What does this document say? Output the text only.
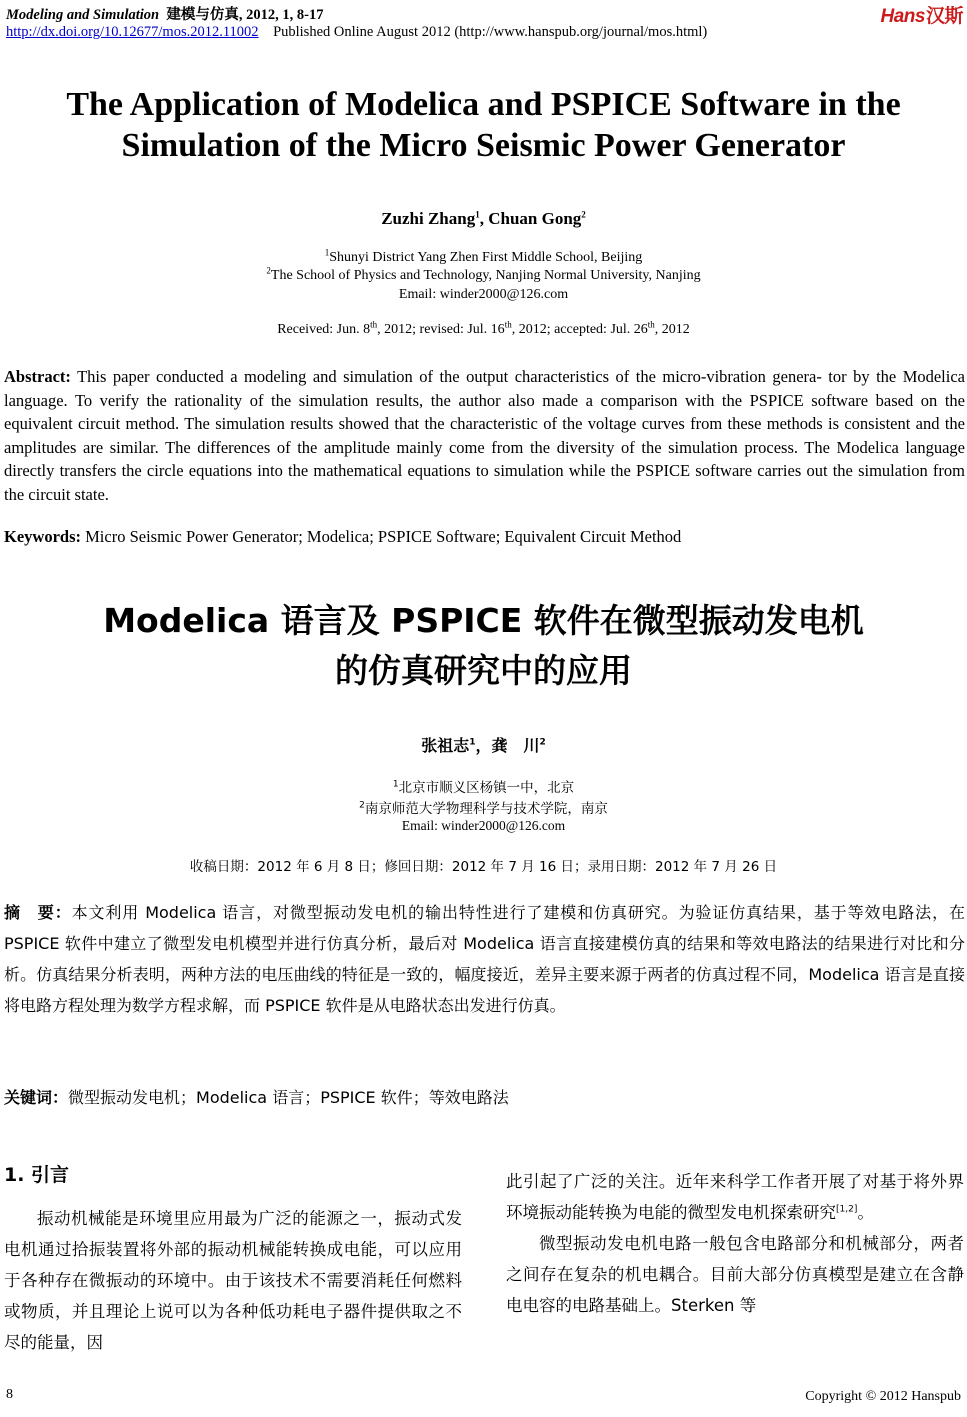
Modeling and Simulation 建模与仿真, 2012, 1, 8-17
http://dx.doi.org/10.12677/mos.2012.11002 Published Online August 2012 (http://www.hanspub.org/journal/mos.html)
Hans汉斯
The Application of Modelica and PSPICE Software in the
Simulation of the Micro Seismic Power Generator
Zuzhi Zhang$^1$, Chuan Gong$^2$
$^1$Shunyi District Yang Zhen First Middle School, Beijing
$^2$The School of Physics and Technology, Nanjing Normal University, Nanjing
Email: winder2000@126.com
Received: Jun. 8th, 2012; revised: Jul. 16th, 2012; accepted: Jul. 26th, 2012
Abstract: This paper conducted a modeling and simulation of the output characteristics of the micro-vibration genera- tor by the Modelica language. To verify the rationality of the simulation results, the author also made a comparison with the PSPICE software based on the equivalent circuit method. The simulation results showed that the characteristic of the voltage curves from these methods is consistent and the amplitudes are similar. The differences of the amplitude mainly come from the diversity of the simulation process. The Modelica language directly transfers the circle equations into the mathematical equations to simulation while the PSPICE software carries out the simulation from the circuit state.
Keywords: Micro Seismic Power Generator; Modelica; PSPICE Software; Equivalent Circuit Method
Modelica 语言及 PSPICE 软件在微型振动发电机
的仿真研究中的应用
张祖志$^1$，龚　川$^2$
$^1$北京市顺义区杨镇一中，北京
$^2$南京师范大学物理科学与技术学院，南京
Email: winder2000@126.com
收稿日期：2012 年 6 月 8 日；修回日期：2012 年 7 月 16 日；录用日期：2012 年 7 月 26 日
摘　要：本文利用 Modelica 语言，对微型振动发电机的输出特性进行了建模和仿真研究。为验证仿真结果，基于等效电路法，在 PSPICE 软件中建立了微型发电机模型并进行仿真分析，最后对 Modelica 语言直接建模仿真的结果和等效电路法的结果进行对比和分析。仿真结果分析表明，两种方法的电压曲线的特征是一致的，幅度接近，差异主要来源于两者的仿真过程不同，Modelica 语言是直接将电路方程处理为数学方程求解，而 PSPICE 软件是从电路状态出发进行仿真。
关键词：微型振动发电机；Modelica 语言；PSPICE 软件；等效电路法
1. 引言

振动机械能是环境里应用最为广泛的能源之一，振动式发电机通过拾振装置将外部的振动机械能转换成电能，可以应用于各种存在微振动的环境中。由于该技术不需要消耗任何燃料或物质，并且理论上说可以为各种低功耗电子器件提供取之不尽的能量，因

此引起了广泛的关注。近年来科学工作者开展了对基于将外界环境振动能转换为电能的微型发电机探索研究[1,2]。

微型振动发电机电路一般包含电路部分和机械部分，两者之间存在复杂的机电耦合。目前大部分仿真模型是建立在含静电电容的电路基础上。Sterken 等

8	Copyright © 2012 Hanspub
